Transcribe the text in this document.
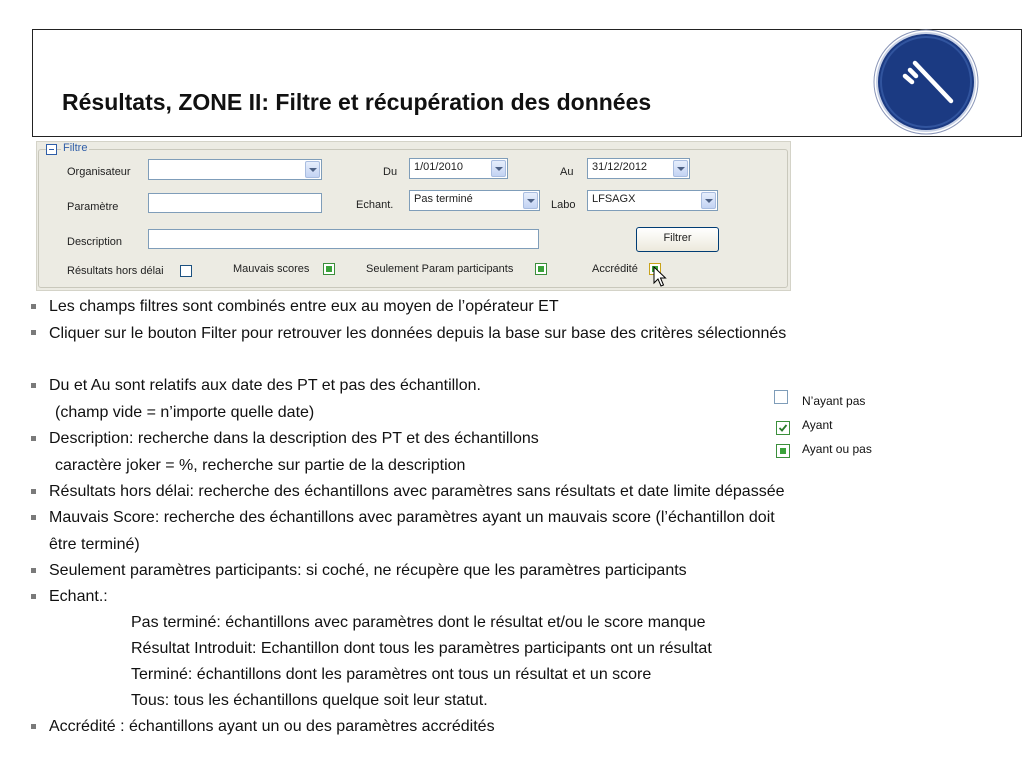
Résultats, ZONE II: Filtre et récupération des données
Filtre
Organisateur	Du	1/01/2010	Au	31/12/2012
Paramètre	Echant.	Pas terminé	Labo	LFSAGX
Description	Filtrer
Résultats hors délai	Mauvais scores	Seulement Param participants	Accrédité
Les champs filtres sont combinés entre eux au moyen de l’opérateur ET
Cliquer sur le bouton Filter pour retrouver les données depuis la base sur base des critères sélectionnés
Du et Au sont relatifs aux date des PT et pas des échantillon.
(champ vide = n’importe quelle date)
Description: recherche dans la description des PT et des échantillons
caractère joker = %, recherche sur partie de la description
Résultats hors délai: recherche des échantillons avec paramètres sans résultats et date limite dépassée
Mauvais Score: recherche des échantillons avec paramètres ayant un mauvais score (l’échantillon doit
être terminé)
Seulement paramètres participants: si coché, ne récupère que les paramètres participants
Echant.:
Pas terminé: échantillons avec paramètres dont le résultat et/ou le score manque
Résultat Introduit: Echantillon dont tous les paramètres participants ont un résultat
Terminé: échantillons dont les paramètres ont tous un résultat et un score
Tous: tous les échantillons quelque soit leur statut.
Accrédité : échantillons ayant un ou des paramètres accrédités
N’ayant pas
Ayant
Ayant ou pas
